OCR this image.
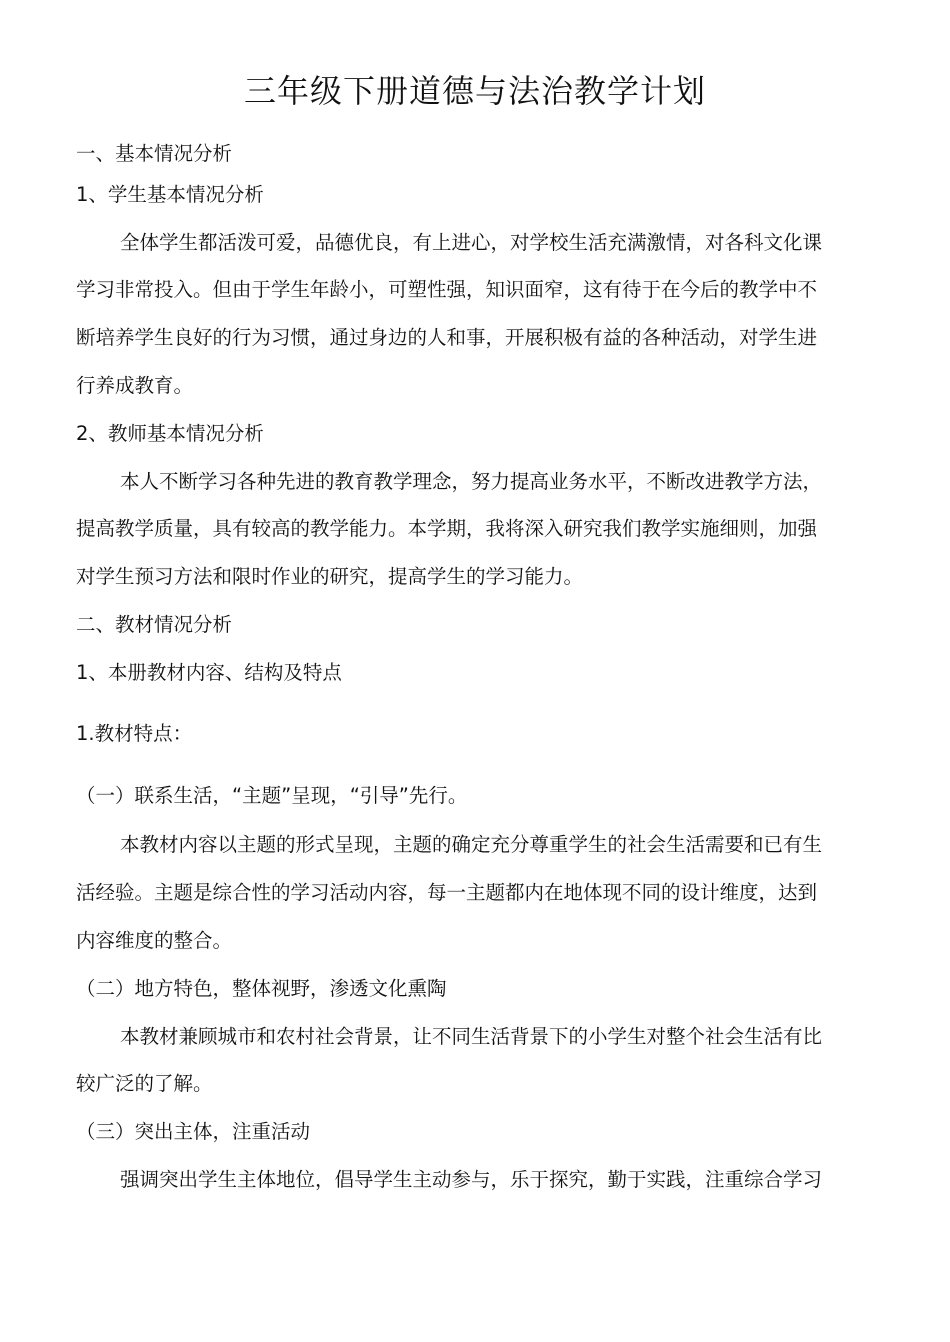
三年级下册道德与法治教学计划
一、基本情况分析
1、学生基本情况分析
全体学生都活泼可爱，品德优良，有上进心，对学校生活充满激情，对各科文化课
学习非常投入。但由于学生年龄小，可塑性强，知识面窄，这有待于在今后的教学中不
断培养学生良好的行为习惯，通过身边的人和事，开展积极有益的各种活动，对学生进
行养成教育。
2、教师基本情况分析
本人不断学习各种先进的教育教学理念，努力提高业务水平，不断改进教学方法，
提高教学质量，具有较高的教学能力。本学期，我将深入研究我们教学实施细则，加强
对学生预习方法和限时作业的研究，提高学生的学习能力。
二、教材情况分析
1、本册教材内容、结构及特点
1.教材特点：
（一）联系生活，“主题”呈现，“引导”先行。
本教材内容以主题的形式呈现，主题的确定充分尊重学生的社会生活需要和已有生
活经验。主题是综合性的学习活动内容，每一主题都内在地体现不同的设计维度，达到
内容维度的整合。
（二）地方特色，整体视野，渗透文化熏陶
本教材兼顾城市和农村社会背景，让不同生活背景下的小学生对整个社会生活有比
较广泛的了解。
（三）突出主体，注重活动
强调突出学生主体地位，倡导学生主动参与，乐于探究，勤于实践，注重综合学习
